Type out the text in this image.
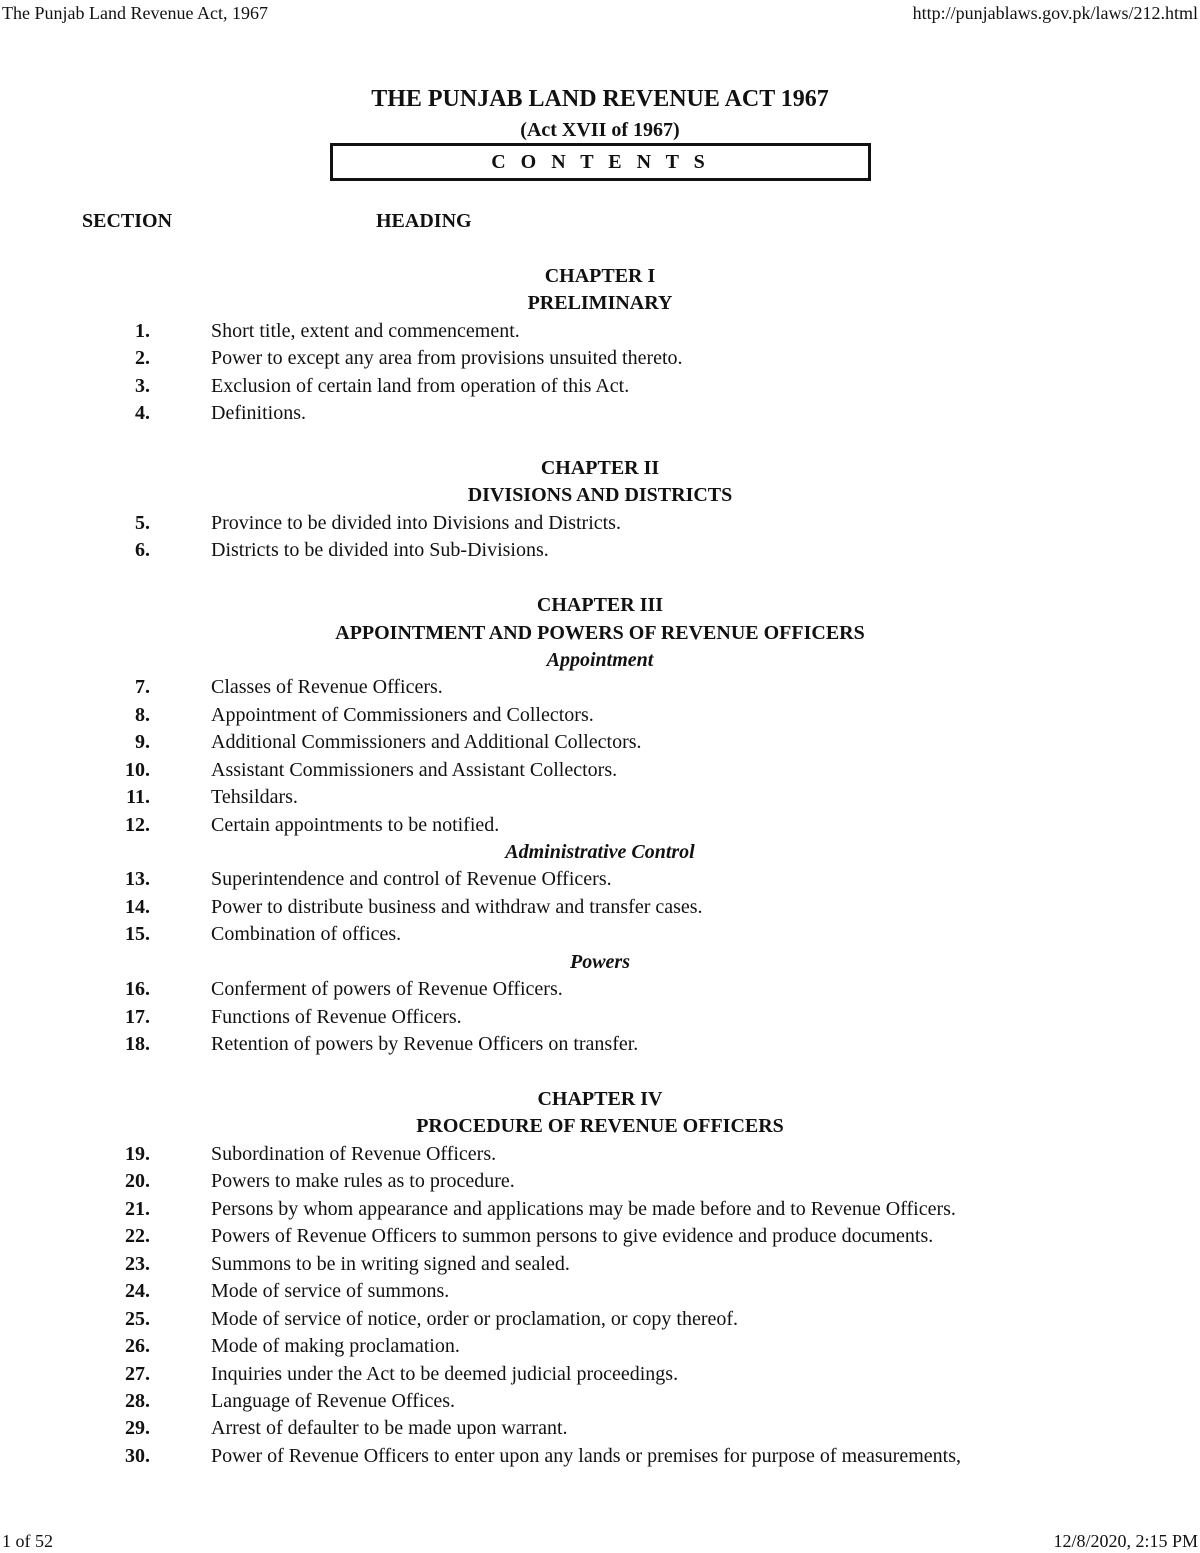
The Punjab Land Revenue Act, 1967	http://punjablaws.gov.pk/laws/212.html
THE PUNJAB LAND REVENUE ACT 1967
(Act XVII of 1967)
C O N T E N T S
SECTION	HEADING
CHAPTER I
PRELIMINARY
1.	Short title, extent and commencement.
2.	Power to except any area from provisions unsuited thereto.
3.	Exclusion of certain land from operation of this Act.
4.	Definitions.
CHAPTER II
DIVISIONS AND DISTRICTS
5.	Province to be divided into Divisions and Districts.
6.	Districts to be divided into Sub-Divisions.
CHAPTER III
APPOINTMENT AND POWERS OF REVENUE OFFICERS
Appointment
7.	Classes of Revenue Officers.
8.	Appointment of Commissioners and Collectors.
9.	Additional Commissioners and Additional Collectors.
10.	Assistant Commissioners and Assistant Collectors.
11.	Tehsildars.
12.	Certain appointments to be notified.
Administrative Control
13.	Superintendence and control of Revenue Officers.
14.	Power to distribute business and withdraw and transfer cases.
15.	Combination of offices.
Powers
16.	Conferment of powers of Revenue Officers.
17.	Functions of Revenue Officers.
18.	Retention of powers by Revenue Officers on transfer.
CHAPTER IV
PROCEDURE OF REVENUE OFFICERS
19.	Subordination of Revenue Officers.
20.	Powers to make rules as to procedure.
21.	Persons by whom appearance and applications may be made before and to Revenue Officers.
22.	Powers of Revenue Officers to summon persons to give evidence and produce documents.
23.	Summons to be in writing signed and sealed.
24.	Mode of service of summons.
25.	Mode of service of notice, order or proclamation, or copy thereof.
26.	Mode of making proclamation.
27.	Inquiries under the Act to be deemed judicial proceedings.
28.	Language of Revenue Offices.
29.	Arrest of defaulter to be made upon warrant.
30.	Power of Revenue Officers to enter upon any lands or premises for purpose of measurements,
1 of 52	12/8/2020, 2:15 PM
